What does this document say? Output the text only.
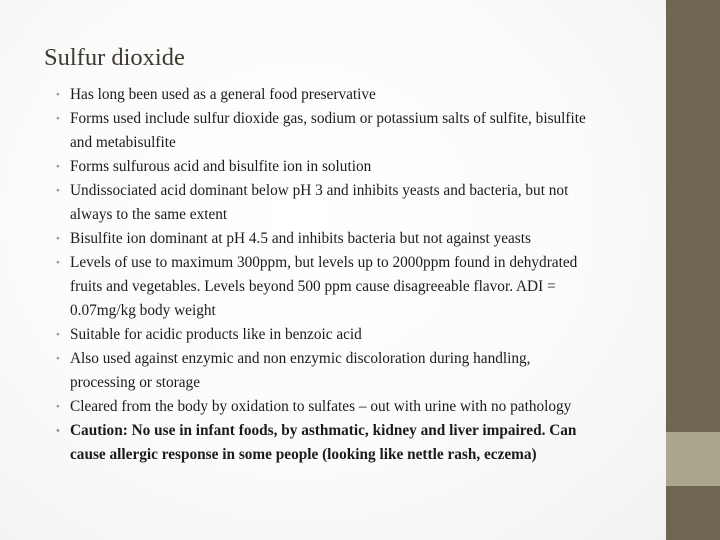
Sulfur dioxide
• Has long been used as a general food preservative
• Forms used include sulfur dioxide gas, sodium or potassium salts of sulfite, bisulfite
and metabisulfite
• Forms sulfurous acid and bisulfite ion in solution
• Undissociated acid dominant below pH 3 and inhibits yeasts and bacteria, but not
always to the same extent
• Bisulfite ion dominant at pH 4.5 and inhibits bacteria but not against yeasts
• Levels of use to maximum 300ppm, but levels up to 2000ppm found in dehydrated
fruits and vegetables. Levels beyond 500 ppm cause disagreeable flavor. ADI =
0.07mg/kg body weight
• Suitable for acidic products like in benzoic acid
• Also used against enzymic and non enzymic discoloration during handling,
processing or storage
• Cleared from the body by oxidation to sulfates – out with urine with no pathology
• Caution: No use in infant foods, by asthmatic, kidney and liver impaired. Can
cause allergic response in some people (looking like nettle rash, eczema)
